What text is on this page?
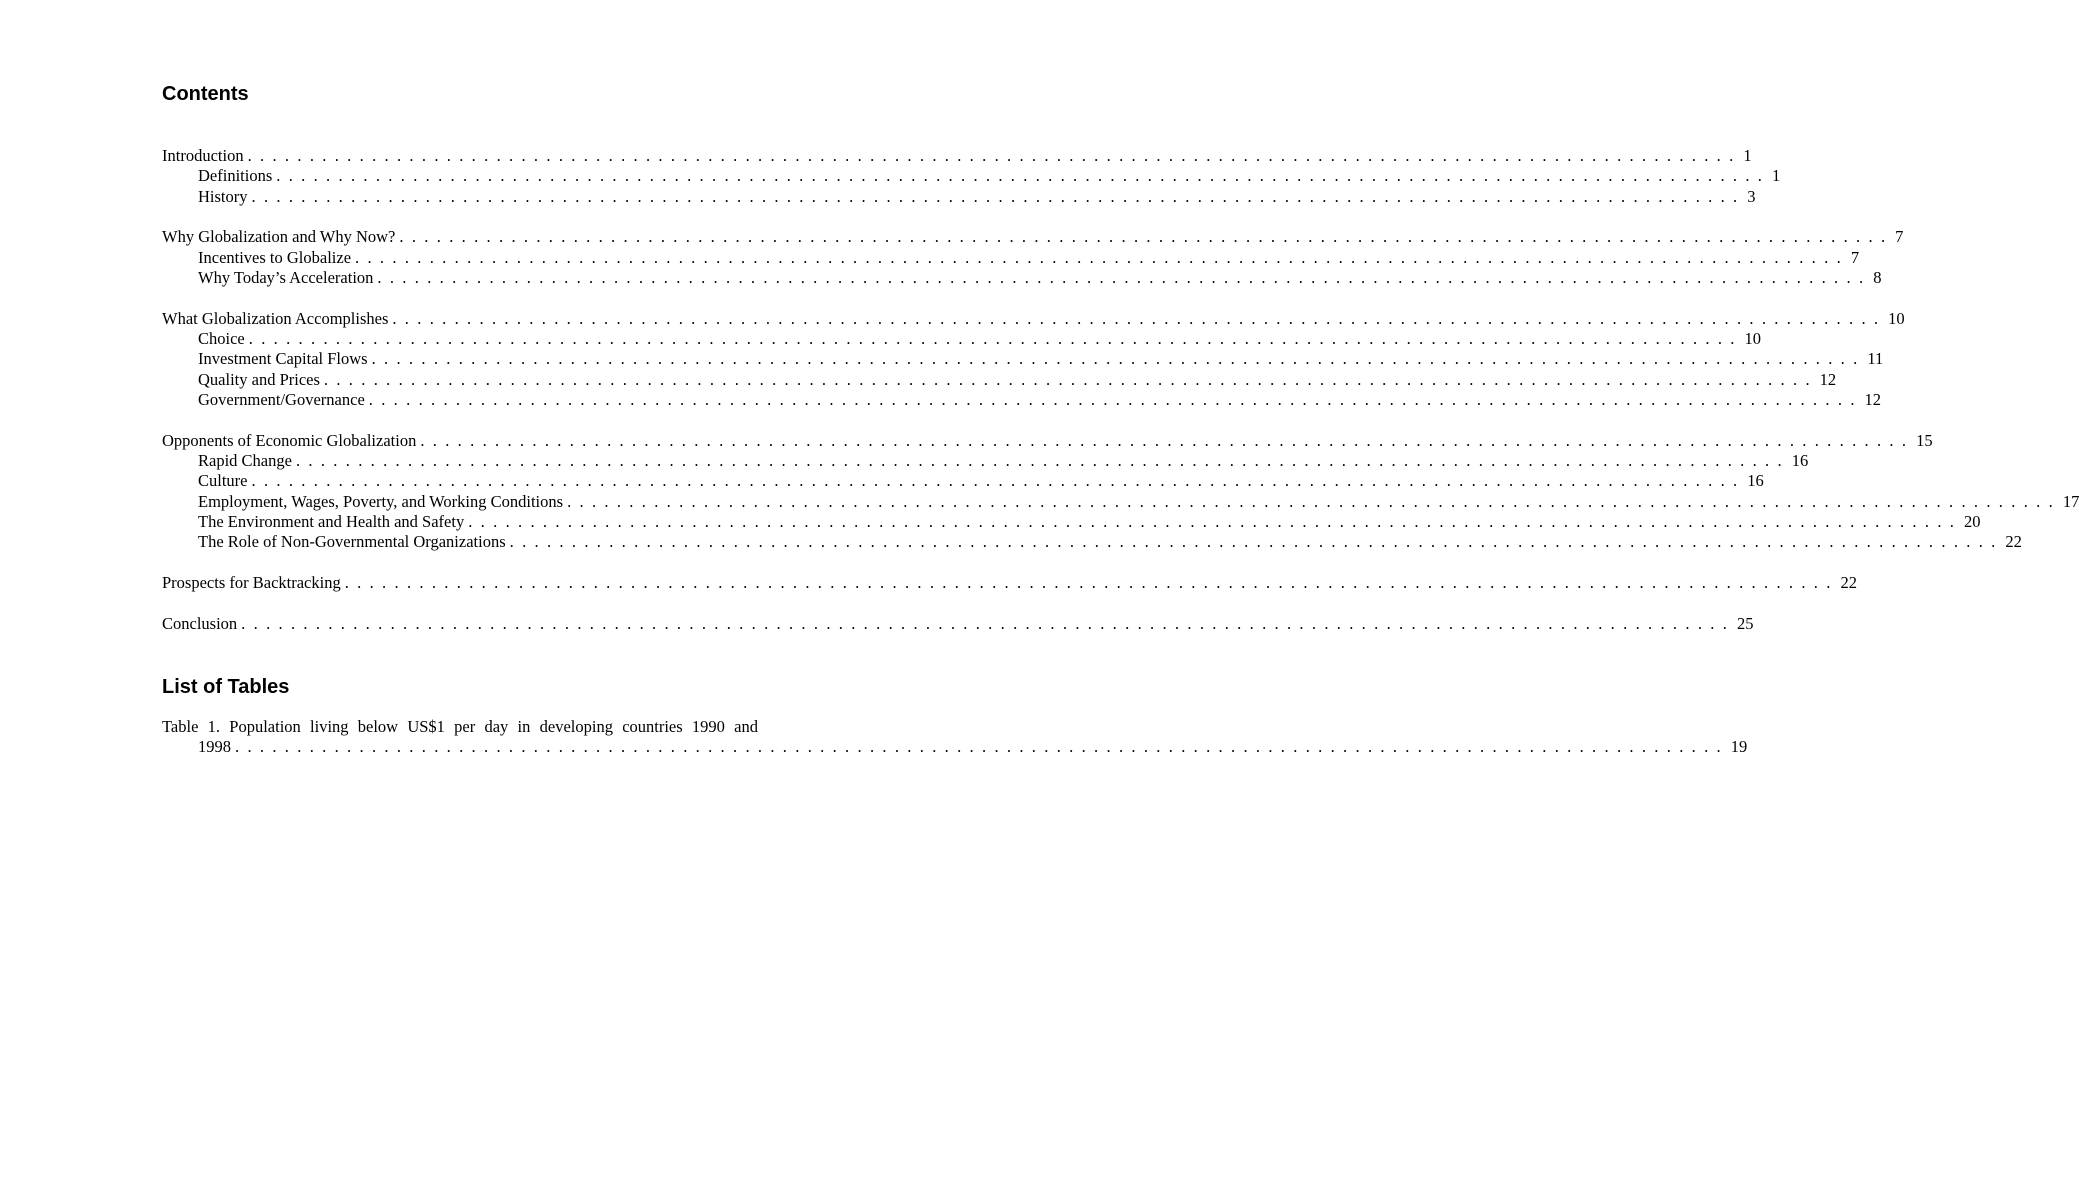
Contents
Introduction . . . . . . . . . . . . . . . . . . . . . . . . . . . . . . . . . . . . . . . . . . . . . . . . . . . . . . . . . . . . . . . . . . . . . . . . . . . . . . . . . . . . . . . . . . . . . . . . . . . . . . . . . . . . . . . . . . . . . . . . 1
Definitions . . . . . . . . . . . . . . . . . . . . . . . . . . . . . . . . . . . . . . . . . . . . . . . . . . . . . . . . . . . . . . . . . . . . . . . . . . . . . . . . . . . . . . . . . . . . . . . . . . . . . . . . . . . . . . . . . . . . . . . . 1
History . . . . . . . . . . . . . . . . . . . . . . . . . . . . . . . . . . . . . . . . . . . . . . . . . . . . . . . . . . . . . . . . . . . . . . . . . . . . . . . . . . . . . . . . . . . . . . . . . . . . . . . . . . . . . . . . . . . . . . . . 3
Why Globalization and Why Now? . . . . . . . . . . . . . . . . . . . . . . . . . . . . . . . . . . . . . . . . . . . . . . . . . . . . . . . . . . . . . . . . . . . . . . . . . . . . . . . . . . . . . . . . . . . . . . . . . . . . . . . . . . . . . . . . . . . . . . . . 7
Incentives to Globalize . . . . . . . . . . . . . . . . . . . . . . . . . . . . . . . . . . . . . . . . . . . . . . . . . . . . . . . . . . . . . . . . . . . . . . . . . . . . . . . . . . . . . . . . . . . . . . . . . . . . . . . . . . . . . . . . . . . . . . . . 7
Why Today’s Acceleration . . . . . . . . . . . . . . . . . . . . . . . . . . . . . . . . . . . . . . . . . . . . . . . . . . . . . . . . . . . . . . . . . . . . . . . . . . . . . . . . . . . . . . . . . . . . . . . . . . . . . . . . . . . . . . . . . . . . . . . . 8
What Globalization Accomplishes . . . . . . . . . . . . . . . . . . . . . . . . . . . . . . . . . . . . . . . . . . . . . . . . . . . . . . . . . . . . . . . . . . . . . . . . . . . . . . . . . . . . . . . . . . . . . . . . . . . . . . . . . . . . . . . . . . . . . . . . 10
Choice . . . . . . . . . . . . . . . . . . . . . . . . . . . . . . . . . . . . . . . . . . . . . . . . . . . . . . . . . . . . . . . . . . . . . . . . . . . . . . . . . . . . . . . . . . . . . . . . . . . . . . . . . . . . . . . . . . . . . . . . 10
Investment Capital Flows . . . . . . . . . . . . . . . . . . . . . . . . . . . . . . . . . . . . . . . . . . . . . . . . . . . . . . . . . . . . . . . . . . . . . . . . . . . . . . . . . . . . . . . . . . . . . . . . . . . . . . . . . . . . . . . . . . . . . . . . 11
Quality and Prices . . . . . . . . . . . . . . . . . . . . . . . . . . . . . . . . . . . . . . . . . . . . . . . . . . . . . . . . . . . . . . . . . . . . . . . . . . . . . . . . . . . . . . . . . . . . . . . . . . . . . . . . . . . . . . . . . . . . . . . . 12
Government/Governance . . . . . . . . . . . . . . . . . . . . . . . . . . . . . . . . . . . . . . . . . . . . . . . . . . . . . . . . . . . . . . . . . . . . . . . . . . . . . . . . . . . . . . . . . . . . . . . . . . . . . . . . . . . . . . . . . . . . . . . . 12
Opponents of Economic Globalization . . . . . . . . . . . . . . . . . . . . . . . . . . . . . . . . . . . . . . . . . . . . . . . . . . . . . . . . . . . . . . . . . . . . . . . . . . . . . . . . . . . . . . . . . . . . . . . . . . . . . . . . . . . . . . . . . . . . . . . . 15
Rapid Change . . . . . . . . . . . . . . . . . . . . . . . . . . . . . . . . . . . . . . . . . . . . . . . . . . . . . . . . . . . . . . . . . . . . . . . . . . . . . . . . . . . . . . . . . . . . . . . . . . . . . . . . . . . . . . . . . . . . . . . . 16
Culture . . . . . . . . . . . . . . . . . . . . . . . . . . . . . . . . . . . . . . . . . . . . . . . . . . . . . . . . . . . . . . . . . . . . . . . . . . . . . . . . . . . . . . . . . . . . . . . . . . . . . . . . . . . . . . . . . . . . . . . . 16
Employment, Wages, Poverty, and Working Conditions . . . . . . . . . . . . . . . . . . . . . . . . . . . . . . . . . . . . . . . . . . . . . . . . . . . . . . . . . . . . . . . . . . . . . . . . . . . . . . . . . . . . . . . . . . . . . . . . . . . . . . . . . . . . . . . . . . . . . . . . 17
The Environment and Health and Safety . . . . . . . . . . . . . . . . . . . . . . . . . . . . . . . . . . . . . . . . . . . . . . . . . . . . . . . . . . . . . . . . . . . . . . . . . . . . . . . . . . . . . . . . . . . . . . . . . . . . . . . . . . . . . . . . . . . . . . . . 20
The Role of Non-Governmental Organizations . . . . . . . . . . . . . . . . . . . . . . . . . . . . . . . . . . . . . . . . . . . . . . . . . . . . . . . . . . . . . . . . . . . . . . . . . . . . . . . . . . . . . . . . . . . . . . . . . . . . . . . . . . . . . . . . . . . . . . . . 22
Prospects for Backtracking . . . . . . . . . . . . . . . . . . . . . . . . . . . . . . . . . . . . . . . . . . . . . . . . . . . . . . . . . . . . . . . . . . . . . . . . . . . . . . . . . . . . . . . . . . . . . . . . . . . . . . . . . . . . . . . . . . . . . . . . 22
Conclusion . . . . . . . . . . . . . . . . . . . . . . . . . . . . . . . . . . . . . . . . . . . . . . . . . . . . . . . . . . . . . . . . . . . . . . . . . . . . . . . . . . . . . . . . . . . . . . . . . . . . . . . . . . . . . . . . . . . . . . . . 25
List of Tables
Table 1. Population living below US$1 per day in developing countries 1990 and
1998 . . . . . . . . . . . . . . . . . . . . . . . . . . . . . . . . . . . . . . . . . . . . . . . . . . . . . . . . . . . . . . . . . . . . . . . . . . . . . . . . . . . . . . . . . . . . . . . . . . . . . . . . . . . . . . . . . . . . . . . . 19
